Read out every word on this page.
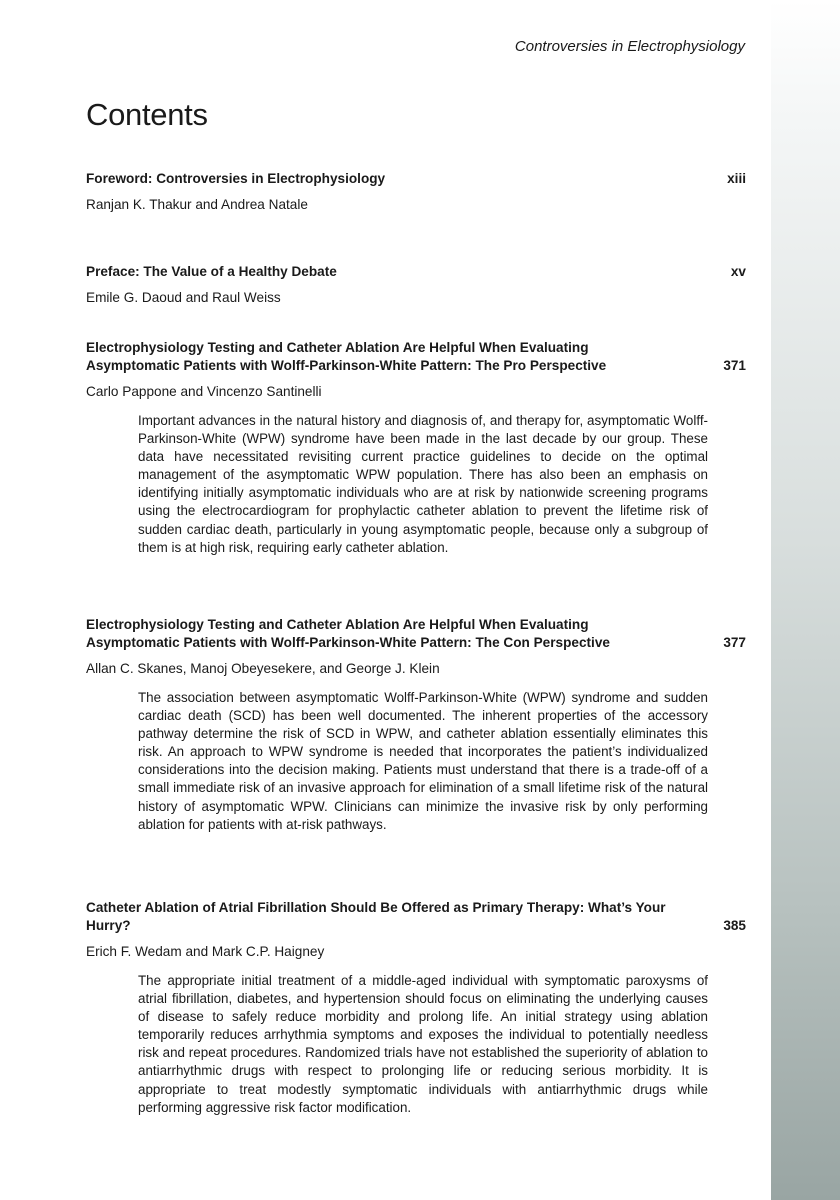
Controversies in Electrophysiology
Contents

Foreword: Controversies in Electrophysiology	xiii
Ranjan K. Thakur and Andrea Natale

Preface: The Value of a Healthy Debate	xv
Emile G. Daoud and Raul Weiss

Electrophysiology Testing and Catheter Ablation Are Helpful When Evaluating Asymptomatic Patients with Wolff-Parkinson-White Pattern: The Pro Perspective	371
Carlo Pappone and Vincenzo Santinelli

Important advances in the natural history and diagnosis of, and therapy for, asymptomatic Wolff-Parkinson-White (WPW) syndrome have been made in the last decade by our group. These data have necessitated revisiting current practice guidelines to decide on the optimal management of the asymptomatic WPW population. There has also been an emphasis on identifying initially asymptomatic individuals who are at risk by nationwide screening programs using the electrocardiogram for prophylactic catheter ablation to prevent the lifetime risk of sudden cardiac death, particularly in young asymptomatic people, because only a subgroup of them is at high risk, requiring early catheter ablation.

Electrophysiology Testing and Catheter Ablation Are Helpful When Evaluating Asymptomatic Patients with Wolff-Parkinson-White Pattern: The Con Perspective	377
Allan C. Skanes, Manoj Obeyesekere, and George J. Klein

The association between asymptomatic Wolff-Parkinson-White (WPW) syndrome and sudden cardiac death (SCD) has been well documented. The inherent properties of the accessory pathway determine the risk of SCD in WPW, and catheter ablation essentially eliminates this risk. An approach to WPW syndrome is needed that incorporates the patient’s individualized considerations into the decision making. Patients must understand that there is a trade-off of a small immediate risk of an invasive approach for elimination of a small lifetime risk of the natural history of asymptomatic WPW. Clinicians can minimize the invasive risk by only performing ablation for patients with at-risk pathways.

Catheter Ablation of Atrial Fibrillation Should Be Offered as Primary Therapy: What’s Your Hurry?	385
Erich F. Wedam and Mark C.P. Haigney

The appropriate initial treatment of a middle-aged individual with symptomatic paroxysms of atrial fibrillation, diabetes, and hypertension should focus on eliminating the underlying causes of disease to safely reduce morbidity and prolong life. An initial strategy using ablation temporarily reduces arrhythmia symptoms and exposes the individual to potentially needless risk and repeat procedures. Randomized trials have not established the superiority of ablation to antiarrhythmic drugs with respect to prolonging life or reducing serious morbidity. It is appropriate to treat modestly symptomatic individuals with antiarrhythmic drugs while performing aggressive risk factor modification.
